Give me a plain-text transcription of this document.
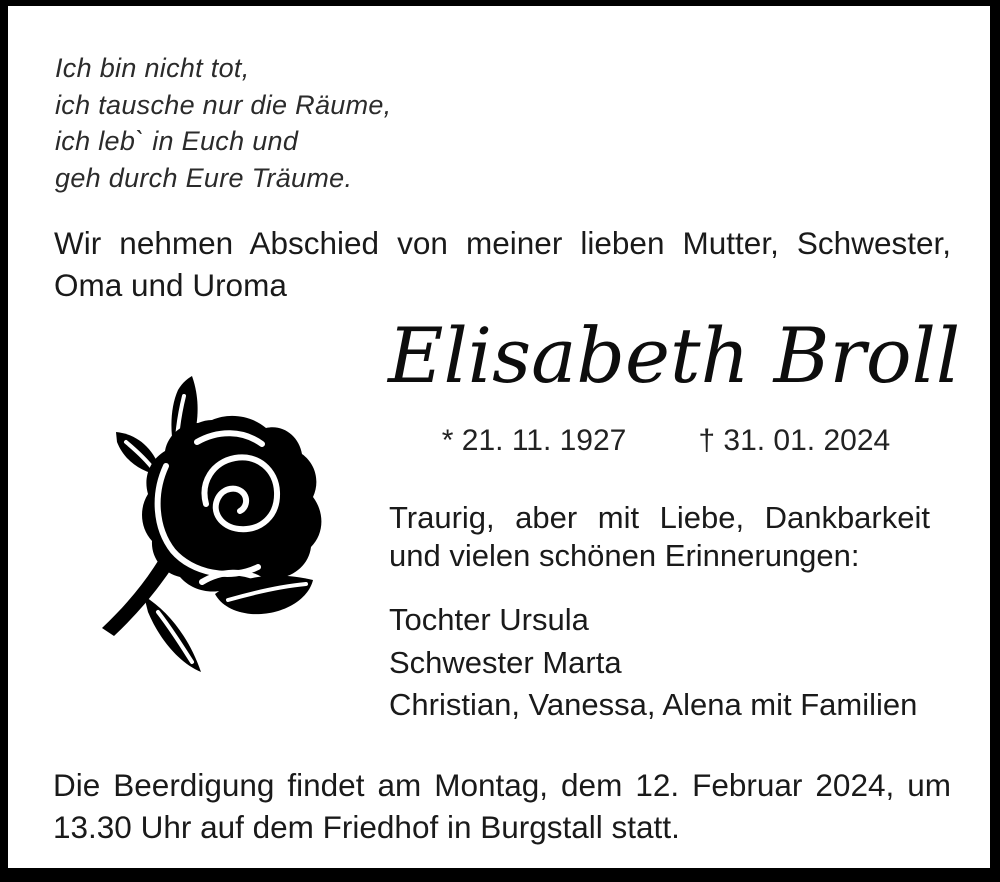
Ich bin nicht tot,
ich tausche nur die Räume,
ich leb` in Euch und
geh durch Eure Träume.
Wir nehmen Abschied von meiner lieben Mutter, Schwester,
Oma und Uroma
Elisabeth Broll
* 21. 11. 1927 † 31. 01. 2024
Traurig, aber mit Liebe, Dankbarkeit
und vielen schönen Erinnerungen:
Tochter Ursula
Schwester Marta
Christian, Vanessa, Alena mit Familien
Die Beerdigung findet am Montag, dem 12. Februar 2024, um
13.30 Uhr auf dem Friedhof in Burgstall statt.
